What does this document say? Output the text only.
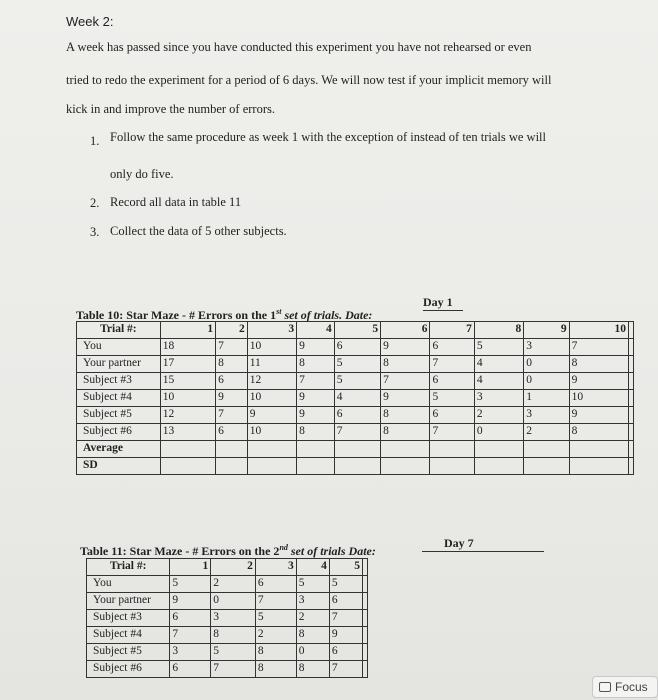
Week 2:
A week has passed since you have conducted this experiment you have not rehearsed or even
tried to redo the experiment for a period of 6 days. We will now test if your implicit memory will
kick in and improve the number of errors.
1. Follow the same procedure as week 1 with the exception of instead of ten trials we will
only do five.
2. Record all data in table 11
3. Collect the data of 5 other subjects.
Table 10: Star Maze - # Errors on the 1st set of trials. Date:
Day 1
Trial #:	1	2	3	4	5	6	7	8	9	10	
You	18	7	10	9	6	9	6	5	3	7	
Your partner	17	8	11	8	5	8	7	4	0	8	
Subject #3	15	6	12	7	5	7	6	4	0	9	
Subject #4	10	9	10	9	4	9	5	3	1	10	
Subject #5	12	7	9	9	6	8	6	2	3	9	
Subject #6	13	6	10	8	7	8	7	0	2	8	
Average											
SD											
Table 11: Star Maze - # Errors on the 2nd set of trials Date:
Day 7
Trial #:	1	2	3	4	5	
You	5	2	6	5	5	
Your partner	9	0	7	3	6	
Subject #3	6	3	5	2	7	
Subject #4	7	8	2	8	9	
Subject #5	3	5	8	0	6	
Subject #6	6	7	8	8	7	
Focus
